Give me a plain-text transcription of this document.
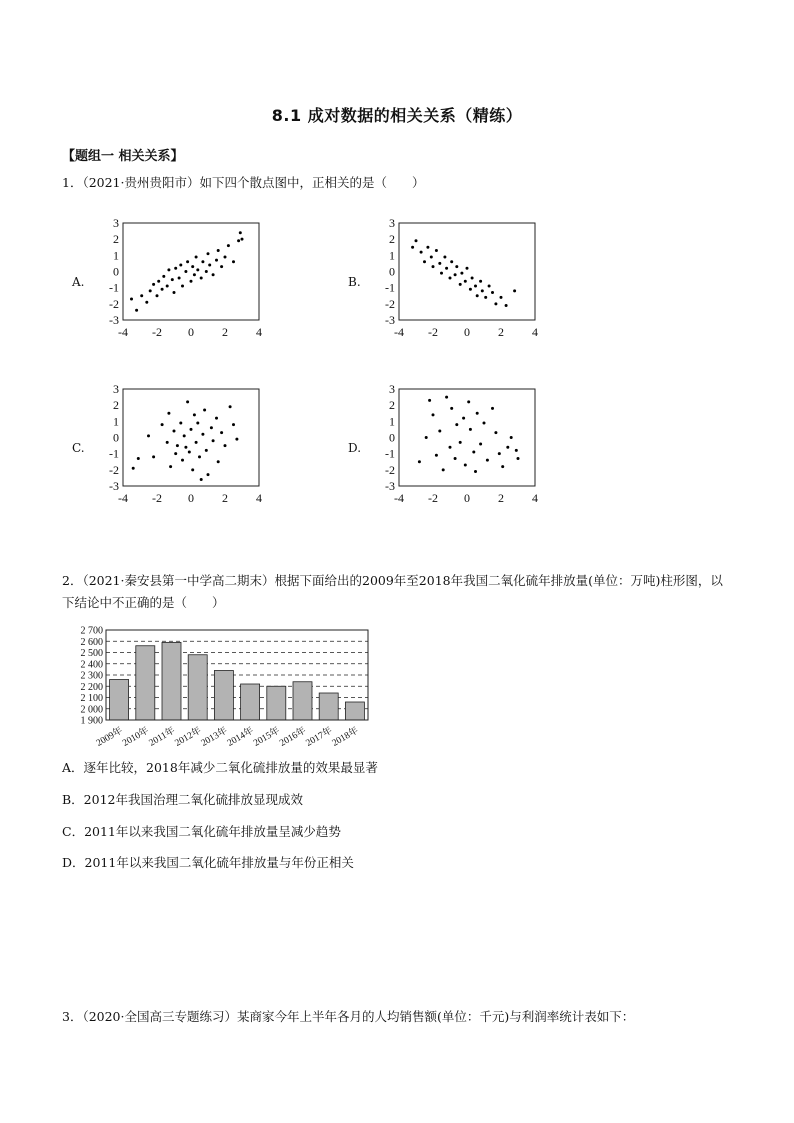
8.1 成对数据的相关关系（精练）
【题组一 相关关系】
1．（2021·贵州贵阳市）如下四个散点图中，正相关的是（　　）
A.
3
2
1
0
-1
-2
-3
-4 -2 0 2 4
B.
3
2
1
0
-1
-2
-3
-4 -2 0 2 4
C.
3
2
1
0
-1
-2
-3
-4 -2 0 2 4
D.
3
2
1
0
-1
-2
-3
-4 -2 0 2 4
2．（2021·秦安县第一中学高二期末）根据下面给出的2009年至2018年我国二氧化硫年排放量(单位：万吨)柱形图，以下结论中不正确的是（　　）
2 700
2 600
2 500
2 400
2 300
2 200
2 100
2 000
1 900
2009年
2010年
2011年
2012年
2013年
2014年
2015年
2016年
2017年
2018年
A．逐年比较，2018年减少二氧化硫排放量的效果最显著
B．2012年我国治理二氧化硫排放显现成效
C．2011年以来我国二氧化硫年排放量呈减少趋势
D．2011年以来我国二氧化硫年排放量与年份正相关
3．（2020·全国高三专题练习）某商家今年上半年各月的人均销售额(单位：千元)与利润率统计表如下：
